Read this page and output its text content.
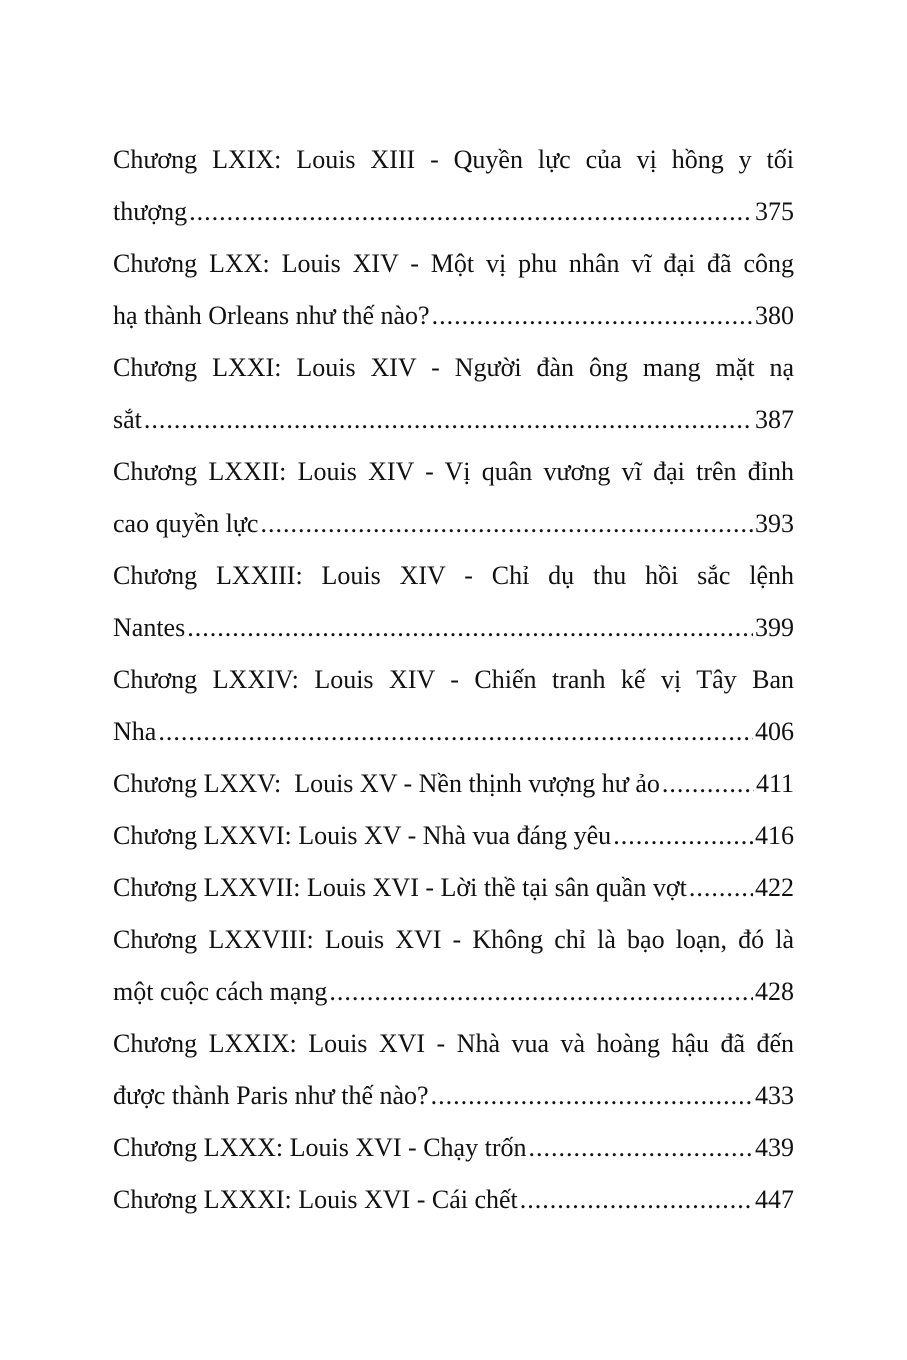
Chương LXIX: Louis XIII - Quyền lực của vị hồng y tối
thượng .....	375
Chương LXX: Louis XIV - Một vị phu nhân vĩ đại đã công
hạ thành Orleans như thế nào? .....	380
Chương LXXI: Louis XIV - Người đàn ông mang mặt nạ
sắt .....	387
Chương LXXII: Louis XIV - Vị quân vương vĩ đại trên đỉnh
cao quyền lực .....	393
Chương LXXIII: Louis XIV - Chỉ dụ thu hồi sắc lệnh
Nantes .....	399
Chương LXXIV: Louis XIV - Chiến tranh kế vị Tây Ban
Nha .....	406
Chương LXXV:  Louis XV - Nền thịnh vượng hư ảo .....	411
Chương LXXVI: Louis XV - Nhà vua đáng yêu .....	416
Chương LXXVII: Louis XVI - Lời thề tại sân quần vợt .....	422
Chương LXXVIII: Louis XVI - Không chỉ là bạo loạn, đó là
một cuộc cách mạng .....	428
Chương LXXIX: Louis XVI - Nhà vua và hoàng hậu đã đến
được thành Paris như thế nào? .....	433
Chương LXXX: Louis XVI - Chạy trốn .....	439
Chương LXXXI: Louis XVI - Cái chết .....	447
